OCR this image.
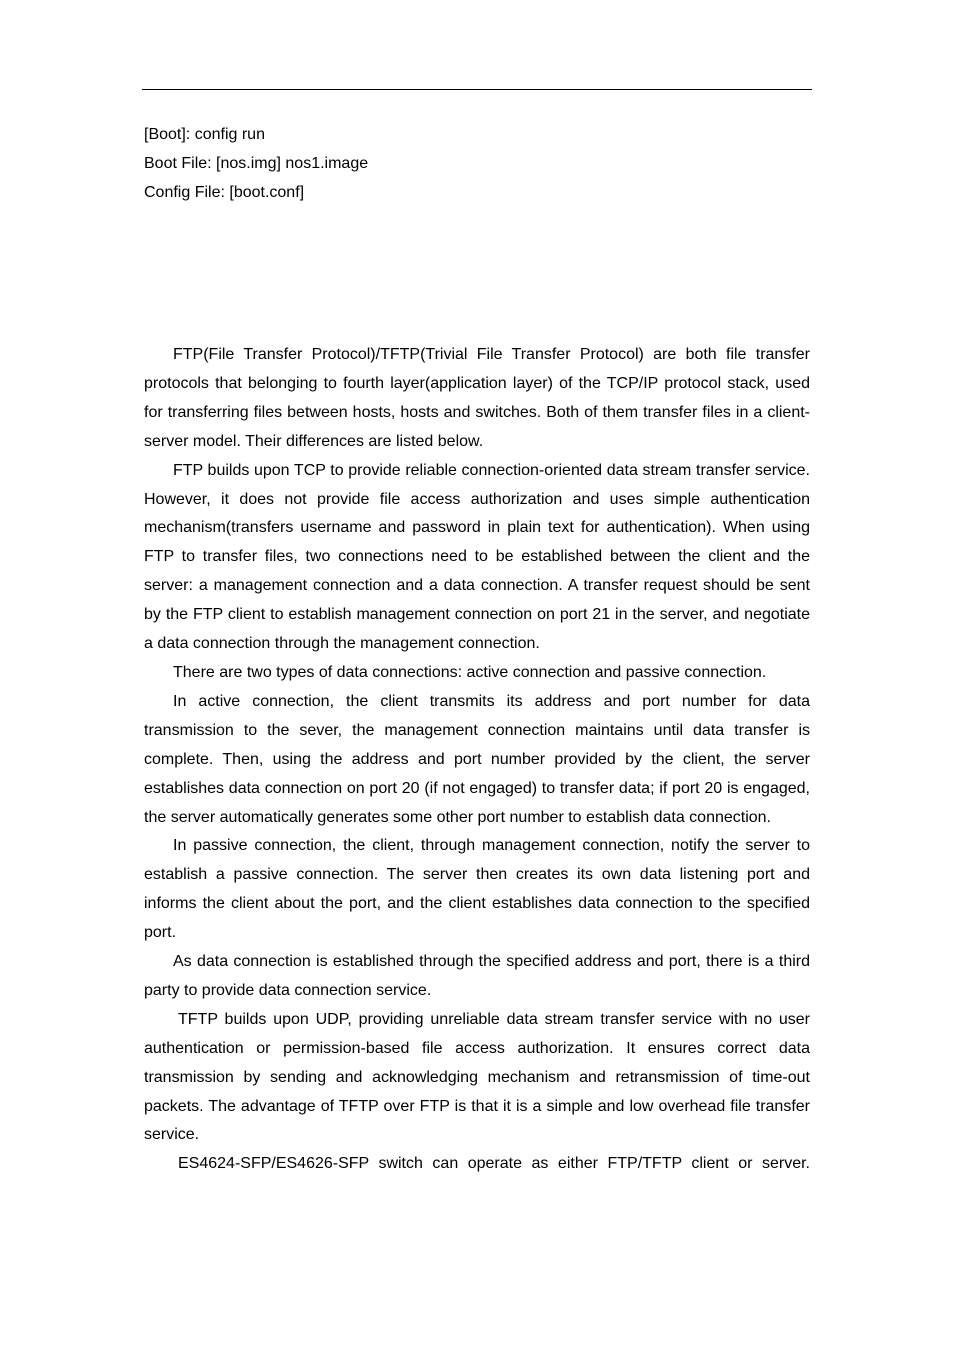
[Boot]: config run
Boot File: [nos.img] nos1.image
Config File: [boot.conf]

FTP(File Transfer Protocol)/TFTP(Trivial File Transfer Protocol) are both file transfer protocols that belonging to fourth layer(application layer) of the TCP/IP protocol stack, used for transferring files between hosts, hosts and switches. Both of them transfer files in a client-server model. Their differences are listed below.

FTP builds upon TCP to provide reliable connection-oriented data stream transfer service. However, it does not provide file access authorization and uses simple authentication mechanism(transfers username and password in plain text for authentication). When using FTP to transfer files, two connections need to be established between the client and the server: a management connection and a data connection. A transfer request should be sent by the FTP client to establish management connection on port 21 in the server, and negotiate a data connection through the management connection.

There are two types of data connections: active connection and passive connection.

In active connection, the client transmits its address and port number for data transmission to the sever, the management connection maintains until data transfer is complete. Then, using the address and port number provided by the client, the server establishes data connection on port 20 (if not engaged) to transfer data; if port 20 is engaged, the server automatically generates some other port number to establish data connection.

In passive connection, the client, through management connection, notify the server to establish a passive connection. The server then creates its own data listening port and informs the client about the port, and the client establishes data connection to the specified port.

As data connection is established through the specified address and port, there is a third party to provide data connection service.

TFTP builds upon UDP, providing unreliable data stream transfer service with no user authentication or permission-based file access authorization. It ensures correct data transmission by sending and acknowledging mechanism and retransmission of time-out packets. The advantage of TFTP over FTP is that it is a simple and low overhead file transfer service.

ES4624-SFP/ES4626-SFP switch can operate as either FTP/TFTP client or server.
